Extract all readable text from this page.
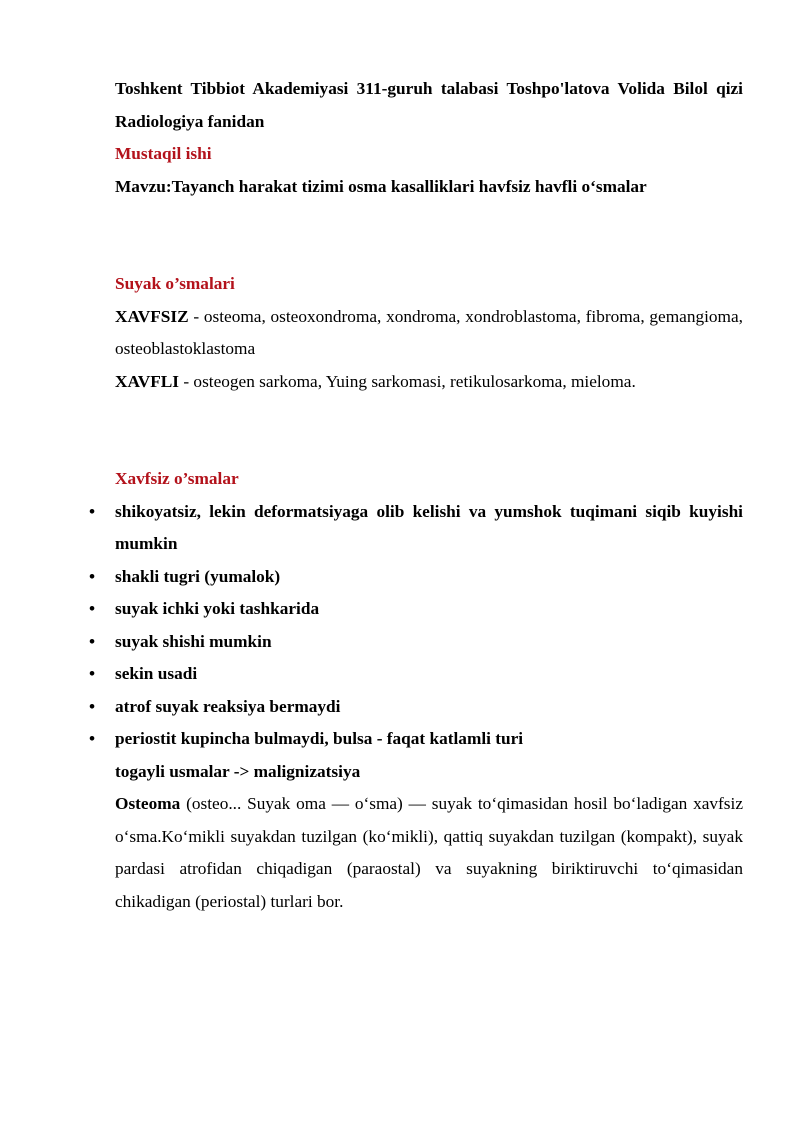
Toshkent Tibbiot Akademiyasi 311-guruh talabasi Toshpo'latova Volida Bilol qizi Radiologiya fanidan

Mustaqil ishi

Mavzu:Tayanch harakat tizimi osma kasalliklari havfsiz havfli o‘smalar

Suyak o’smalari

XAVFSIZ - osteoma, osteoxondroma, xondroma, xondroblastoma, fibroma, gemangioma, osteoblastoklastoma

XAVFLI - osteogen sarkoma, Yuing sarkomasi, retikulosarkoma, mieloma.

Xavfsiz o’smalar

• shikoyatsiz, lekin deformatsiyaga olib kelishi va yumshok tuqimani siqib kuyishi mumkin
• shakli tugri (yumalok)
• suyak ichki yoki tashkarida
• suyak shishi mumkin
• sekin usadi
• atrof suyak reaksiya bermaydi
• periostit kupincha bulmaydi, bulsa - faqat katlamli turi

togayli usmalar -> malignizatsiya

Osteoma (osteo... Suyak oma — o‘sma) — suyak to‘qimasidan hosil bo‘ladigan xavfsiz o‘sma.Ko‘mikli suyakdan tuzilgan (ko‘mikli), qattiq suyakdan tuzilgan (kompakt), suyak pardasi atrofidan chiqadigan (paraostal) va suyakning biriktiruvchi to‘qimasidan chikadigan (periostal) turlari bor.
